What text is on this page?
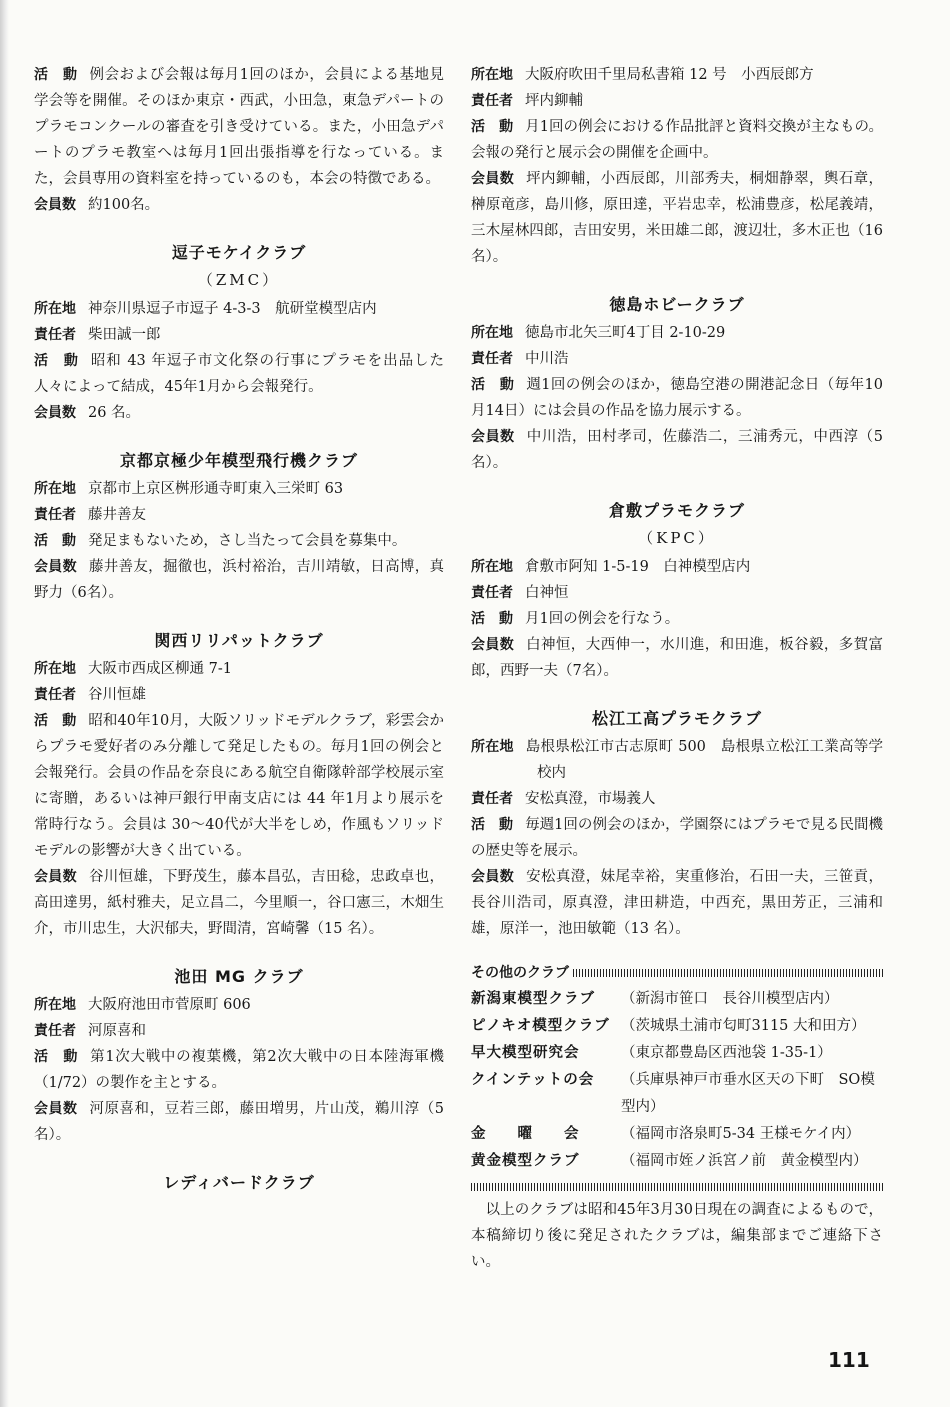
活　動 例会および会報は毎月1回のほか，会員による基地見学会等を開催。そのほか東京・西武，小田急，東急デパートのプラモコンクールの審査を引き受けている。また，小田急デパートのプラモ教室へは毎月1回出張指導を行なっている。また，会員専用の資料室を持っているのも，本会の特徴である。

会員数 約100名。

逗子モケイクラブ
（ZMC）

所在地 神奈川県逗子市逗子 4-3-3　航研堂模型店内

責任者 柴田誠一郎

活　動 昭和 43 年逗子市文化祭の行事にプラモを出品した人々によって結成，45年1月から会報発行。

会員数 26 名。

京都京極少年模型飛行機クラブ

所在地 京都市上京区桝形通寺町東入三栄町 63

責任者 藤井善友

活　動 発足まもないため，さし当たって会員を募集中。

会員数 藤井善友，掘徹也，浜村裕治，吉川靖敏，日高博，真野力（6名）。

関西リリパットクラブ

所在地 大阪市西成区柳通 7-1

責任者 谷川恒雄

活　動 昭和40年10月，大阪ソリッドモデルクラブ，彩雲会からプラモ愛好者のみ分離して発足したもの。毎月1回の例会と会報発行。会員の作品を奈良にある航空自衛隊幹部学校展示室に寄贈，あるいは神戸銀行甲南支店には 44 年1月より展示を常時行なう。会員は 30〜40代が大半をしめ，作風もソリッドモデルの影響が大きく出ている。

会員数 谷川恒雄，下野茂生，藤本昌弘，吉田稔，忠政卓也，高田達男，紙村雅夫，足立昌二，今里順一，谷口憲三，木畑生介，市川忠生，大沢郁夫，野間清，宮崎馨（15 名）。

池田 MG クラブ

所在地 大阪府池田市菅原町 606

責任者 河原喜和

活　動 第1次大戦中の複葉機，第2次大戦中の日本陸海軍機（1/72）の製作を主とする。

会員数 河原喜和，豆若三郎，藤田増男，片山茂，鵜川淳（5名）。

レディバードクラブ

所在地 大阪府吹田千里局私書箱 12 号　小西辰郎方

責任者 坪内鉚輔

活　動 月1回の例会における作品批評と資料交換が主なもの。会報の発行と展示会の開催を企画中。

会員数 坪内鉚輔，小西辰郎，川部秀夫，桐畑静翠，輿石章，榊原竜彦，島川修，原田達，平岩忠幸，松浦豊彦，松尾義靖，三木屋林四郎，吉田安男，米田雄二郎，渡辺壮，多木正也（16 名）。

徳島ホビークラブ

所在地 徳島市北矢三町4丁目 2-10-29

責任者 中川浩

活　動 週1回の例会のほか，徳島空港の開港記念日（毎年10月14日）には会員の作品を協力展示する。

会員数 中川浩，田村孝司，佐藤浩二，三浦秀元，中西淳（5名）。

倉敷プラモクラブ
（KPC）

所在地 倉敷市阿知 1-5-19　白神模型店内

責任者 白神恒

活　動 月1回の例会を行なう。

会員数 白神恒，大西伸一，水川進，和田進，板谷毅，多賀富郎，西野一夫（7名）。

松江工高プラモクラブ

所在地 島根県松江市古志原町 500　島根県立松江工業高等学校内

責任者 安松真澄，市場義人

活　動 毎週1回の例会のほか，学園祭にはプラモで見る民間機の歴史等を展示。

会員数 安松真澄，妹尾幸裕，実重修治，石田一夫，三笹貢，長谷川浩司，原真澄，津田耕造，中西充，黒田芳正，三浦和雄，原洋一，池田敏範（13 名）。

その他のクラブ
新潟東模型クラブ	（新潟市笹口　長谷川模型店内）
ピノキオ模型クラブ （茨城県土浦市匂町3115 大和田方）
早大模型研究会	（東京都豊島区西池袋 1-35-1）
クインテットの会	（兵庫県神戸市垂水区天の下町　SO模型内）
金　　曜　　会	（福岡市洛泉町5-34 王様モケイ内）
黄金模型クラブ	（福岡市姪ノ浜宮ノ前　黄金模型内）

以上のクラブは昭和45年3月30日現在の調査によるもので，本稿締切り後に発足されたクラブは，編集部までご連絡下さい。

111
